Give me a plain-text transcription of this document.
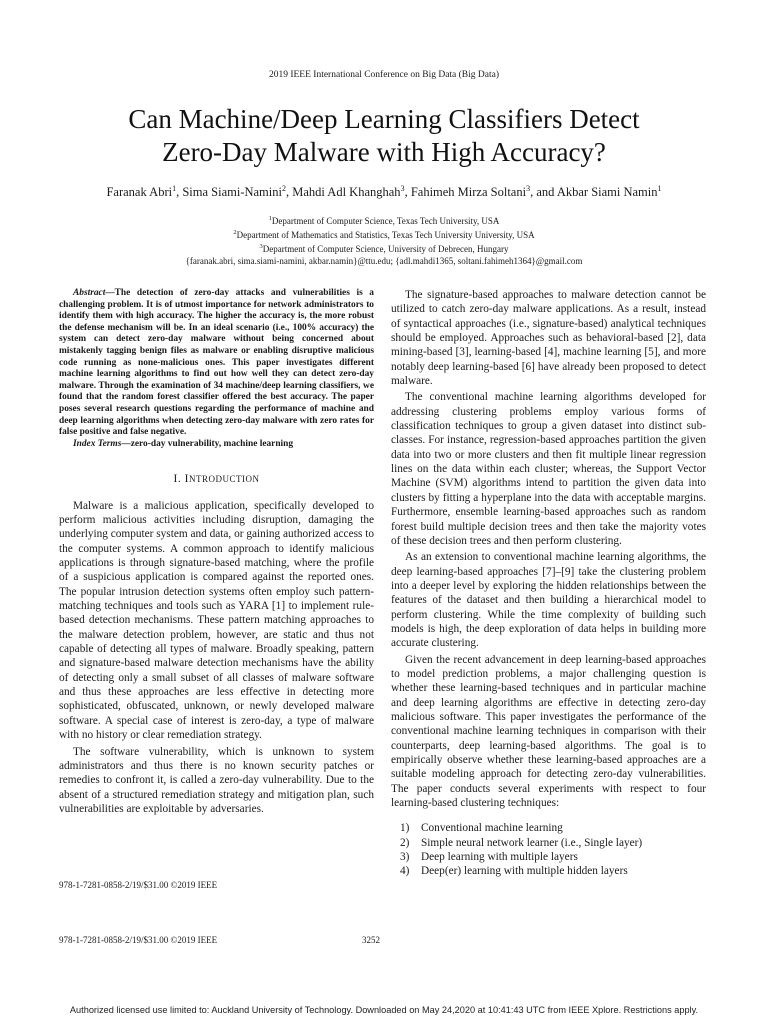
2019 IEEE International Conference on Big Data (Big Data)
Can Machine/Deep Learning Classifiers Detect
Zero-Day Malware with High Accuracy?
Faranak Abri$^1$, Sima Siami-Namini$^2$, Mahdi Adl Khanghah$^3$, Fahimeh Mirza Soltani$^3$, and Akbar Siami Namin$^1$
$^1$Department of Computer Science, Texas Tech University, USA
$^2$Department of Mathematics and Statistics, Texas Tech University University, USA
$^3$Department of Computer Science, University of Debrecen, Hungary
{faranak.abri, sima.siami-namini, akbar.namin}@ttu.edu; {adl.mahdi1365, soltani.fahimeh1364}@gmail.com

Abstract—The detection of zero-day attacks and vulnerabilities is a challenging problem. It is of utmost importance for network administrators to identify them with high accuracy. The higher the accuracy is, the more robust the defense mechanism will be. In an ideal scenario (i.e., 100% accuracy) the system can detect zero-day malware without being concerned about mistakenly tagging benign files as malware or enabling disruptive malicious code running as none-malicious ones. This paper investigates different machine learning algorithms to find out how well they can detect zero-day malware. Through the examination of 34 machine/deep learning classifiers, we found that the random forest classifier offered the best accuracy. The paper poses several research questions regarding the performance of machine and deep learning algorithms when detecting zero-day malware with zero rates for false positive and false negative.

Index Terms—zero-day vulnerability, machine learning

I. INTRODUCTION

Malware is a malicious application, specifically developed to perform malicious activities including disruption, damaging the underlying computer system and data, or gaining authorized access to the computer systems. A common approach to identify malicious applications is through signature-based matching, where the profile of a suspicious application is compared against the reported ones. The popular intrusion detection systems often employ such pattern-matching techniques and tools such as YARA [1] to implement rule-based detection mechanisms. These pattern matching approaches to the malware detection problem, however, are static and thus not capable of detecting all types of malware. Broadly speaking, pattern and signature-based malware detection mechanisms have the ability of detecting only a small subset of all classes of malware software and thus these approaches are less effective in detecting more sophisticated, obfuscated, unknown, or newly developed malware software. A special case of interest is zero-day, a type of malware with no history or clear remediation strategy.

The software vulnerability, which is unknown to system administrators and thus there is no known security patches or remedies to confront it, is called a zero-day vulnerability. Due to the absent of a structured remediation strategy and mitigation plan, such vulnerabilities are exploitable by adversaries.

978-1-7281-0858-2/19/$31.00 ©2019 IEEE

The signature-based approaches to malware detection cannot be utilized to catch zero-day malware applications. As a result, instead of syntactical approaches (i.e., signature-based) analytical techniques should be employed. Approaches such as behavioral-based [2], data mining-based [3], learning-based [4], machine learning [5], and more notably deep learning-based [6] have already been proposed to detect malware.

The conventional machine learning algorithms developed for addressing clustering problems employ various forms of classification techniques to group a given dataset into distinct sub-classes. For instance, regression-based approaches partition the given data into two or more clusters and then fit multiple linear regression lines on the data within each cluster; whereas, the Support Vector Machine (SVM) algorithms intend to partition the given data into clusters by fitting a hyperplane into the data with acceptable margins. Furthermore, ensemble learning-based approaches such as random forest build multiple decision trees and then take the majority votes of these decision trees and then perform clustering.

As an extension to conventional machine learning algorithms, the deep learning-based approaches [7]–[9] take the clustering problem into a deeper level by exploring the hidden relationships between the features of the dataset and then building a hierarchical model to perform clustering. While the time complexity of building such models is high, the deep exploration of data helps in building more accurate clustering.

Given the recent advancement in deep learning-based approaches to model prediction problems, a major challenging question is whether these learning-based techniques and in particular machine and deep learning algorithms are effective in detecting zero-day malicious software. This paper investigates the performance of the conventional machine learning techniques in comparison with their counterparts, deep learning-based algorithms. The goal is to empirically observe whether these learning-based approaches are a suitable modeling approach for detecting zero-day vulnerabilities. The paper conducts several experiments with respect to four learning-based clustering techniques:

1) Conventional machine learning
2) Simple neural network learner (i.e., Single layer)
3) Deep learning with multiple layers
4) Deep(er) learning with multiple hidden layers
978-1-7281-0858-2/19/$31.00 ©2019 IEEE	3252
Authorized licensed use limited to: Auckland University of Technology. Downloaded on May 24,2020 at 10:41:43 UTC from IEEE Xplore. Restrictions apply.
